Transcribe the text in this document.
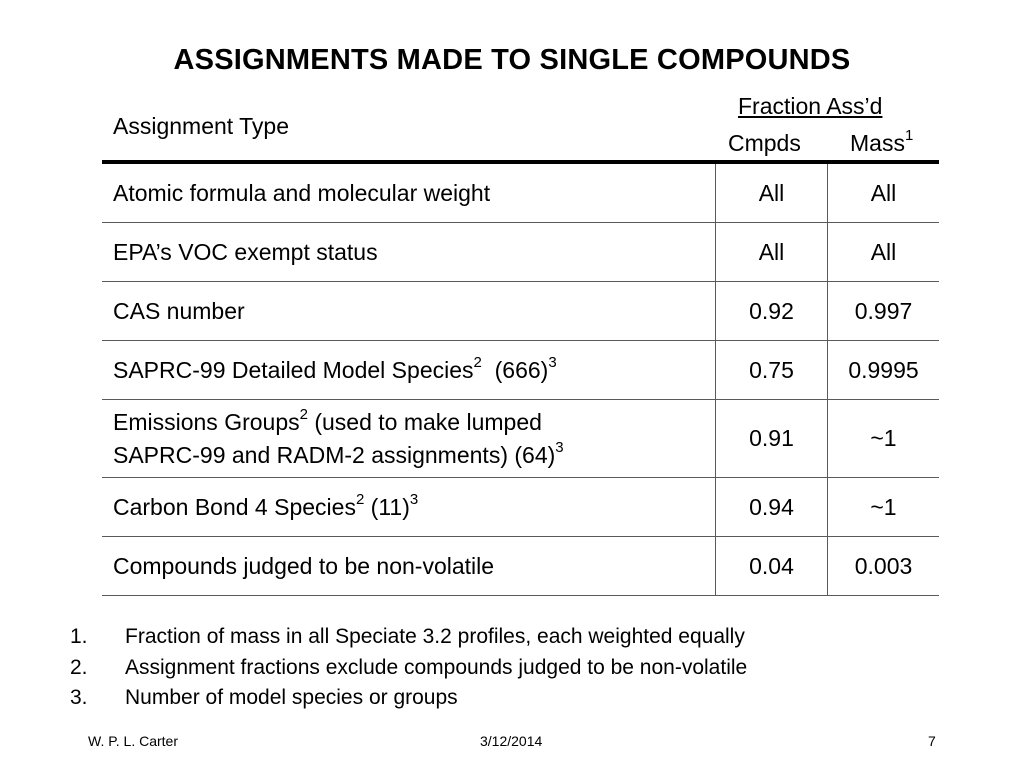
ASSIGNMENTS MADE TO SINGLE COMPOUNDS
Assignment Type
Fraction Ass’d
Cmpds Mass$^1$
Atomic formula and molecular weight	All	All
EPA’s VOC exempt status	All	All
CAS number	0.92	0.997
SAPRC-99 Detailed Model Species$^2$  $(666)^3$	0.75	0.9995
Emissions Groups$^2$ (used to make lumped
SAPRC-99 and RADM-2 assignments) $(64)^3$	0.91	~1
Carbon Bond 4 Species$^2$ $(11)^3$	0.94	~1
Compounds judged to be non-volatile	0.04	0.003
1.	Fraction of mass in all Speciate 3.2 profiles, each weighted equally
2.	Assignment fractions exclude compounds judged to be non-volatile
3.	Number of model species or groups
W. P. L. Carter	3/12/2014	7
